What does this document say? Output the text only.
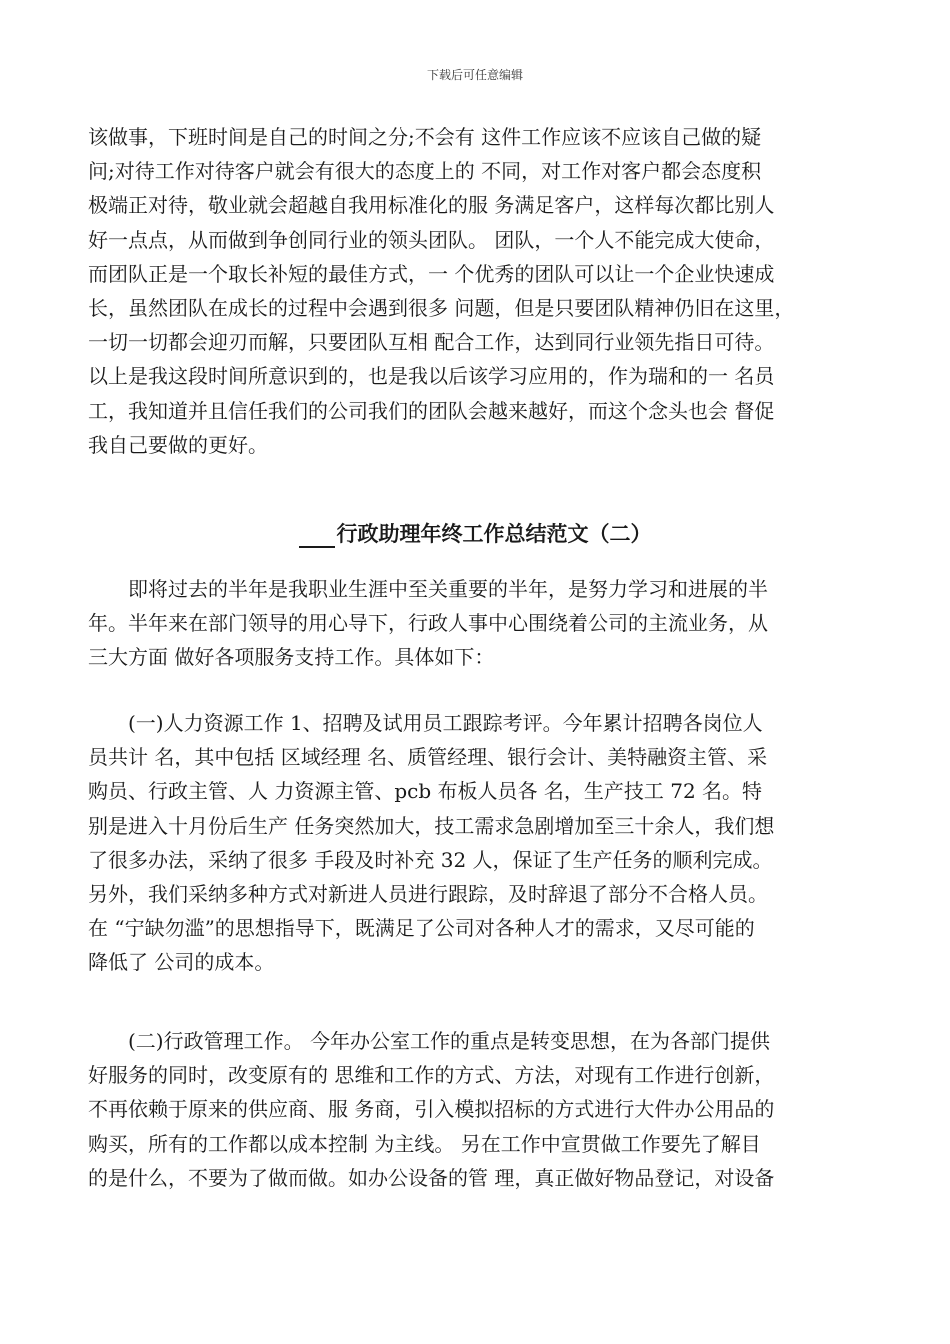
下载后可任意编辑
该做事，下班时间是自己的时间之分;不会有 这件工作应该不应该自己做的疑
问;对待工作对待客户就会有很大的态度上的 不同，对工作对客户都会态度积
极端正对待，敬业就会超越自我用标准化的服 务满足客户，这样每次都比别人
好一点点，从而做到争创同行业的领头团队。 团队，一个人不能完成大使命，
而团队正是一个取长补短的最佳方式，一 个优秀的团队可以让一个企业快速成
长，虽然团队在成长的过程中会遇到很多 问题，但是只要团队精神仍旧在这里，
一切一切都会迎刃而解，只要团队互相 配合工作，达到同行业领先指日可待。
以上是我这段时间所意识到的，也是我以后该学习应用的，作为瑞和的一 名员
工，我知道并且信任我们的公司我们的团队会越来越好，而这个念头也会 督促
我自己要做的更好。
行政助理年终工作总结范文（二）
即将过去的半年是我职业生涯中至关重要的半年，是努力学习和进展的半
年。半年来在部门领导的用心导下，行政人事中心围绕着公司的主流业务，从
三大方面 做好各项服务支持工作。具体如下：
(一)人力资源工作 1、招聘及试用员工跟踪考评。今年累计招聘各岗位人
员共计 名，其中包括 区域经理 名、质管经理、银行会计、美特融资主管、采
购员、行政主管、人 力资源主管、pcb 布板人员各 名，生产技工 72 名。特
别是进入十月份后生产 任务突然加大，技工需求急剧增加至三十余人，我们想
了很多办法，采纳了很多 手段及时补充 32 人，保证了生产任务的顺利完成。
另外，我们采纳多种方式对新进人员进行跟踪，及时辞退了部分不合格人员。
在 “宁缺勿滥”的思想指导下，既满足了公司对各种人才的需求，又尽可能的
降低了 公司的成本。
(二)行政管理工作。 今年办公室工作的重点是转变思想，在为各部门提供
好服务的同时，改变原有的 思维和工作的方式、方法，对现有工作进行创新，
不再依赖于原来的供应商、服 务商，引入模拟招标的方式进行大件办公用品的
购买，所有的工作都以成本控制 为主线。 另在工作中宣贯做工作要先了解目
的是什么，不要为了做而做。如办公设备的管 理，真正做好物品登记，对设备
